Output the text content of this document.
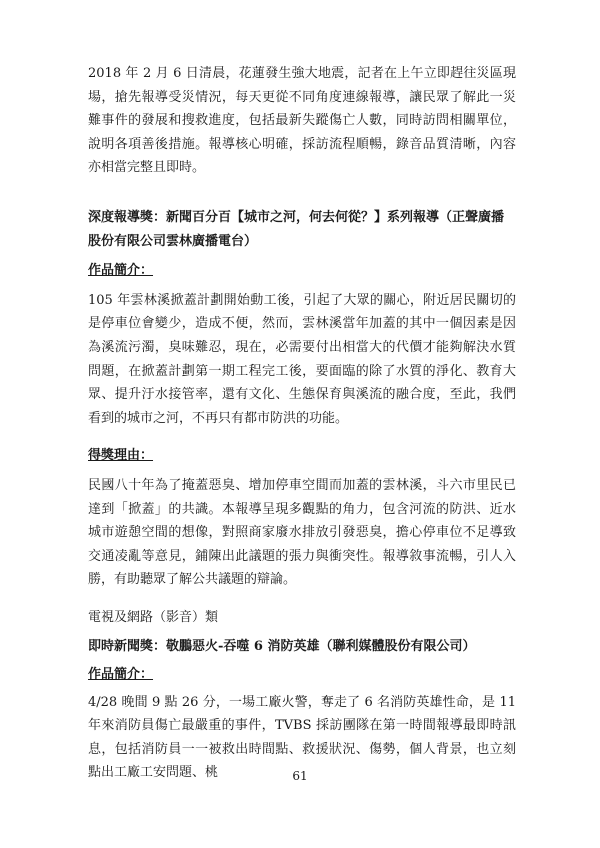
2018 年 2 月 6 日清晨，花蓮發生強大地震，記者在上午立即趕往災區現場，搶先報導受災情況，每天更從不同角度連線報導，讓民眾了解此一災難事件的發展和搜救進度，包括最新失蹤傷亡人數，同時訪問相關單位，說明各項善後措施。報導核心明確，採訪流程順暢，錄音品質清晰，內容亦相當完整且即時。

深度報導獎：新聞百分百【城市之河，何去何從？】系列報導（正聲廣播股份有限公司雲林廣播電台）

作品簡介：

105 年雲林溪掀蓋計劃開始動工後，引起了大眾的關心，附近居民關切的是停車位會變少，造成不便，然而，雲林溪當年加蓋的其中一個因素是因為溪流污濁，臭味難忍，現在，必需要付出相當大的代價才能夠解決水質問題，在掀蓋計劃第一期工程完工後，要面臨的除了水質的淨化、教育大眾、提升汙水接管率，還有文化、生態保育與溪流的融合度，至此，我們看到的城市之河，不再只有都市防洪的功能。

得獎理由：

民國八十年為了掩蓋惡臭、增加停車空間而加蓋的雲林溪，斗六市里民已達到「掀蓋」的共識。本報導呈現多觀點的角力，包含河流的防洪、近水城市遊憩空間的想像，對照商家廢水排放引發惡臭，擔心停車位不足導致交通凌亂等意見，鋪陳出此議題的張力與衝突性。報導敘事流暢，引人入勝，有助聽眾了解公共議題的辯論。

電視及網路（影音）類

即時新聞獎：敬鵬惡火-吞噬 6 消防英雄（聯利媒體股份有限公司）

作品簡介：

4/28 晚間 9 點 26 分，一場工廠火警，奪走了 6 名消防英雄性命，是 11 年來消防員傷亡最嚴重的事件，TVBS 採訪團隊在第一時間報導最即時訊息，包括消防員一一被救出時間點、救援狀況、傷勢，個人背景，也立刻點出工廠工安問題、桃	61
